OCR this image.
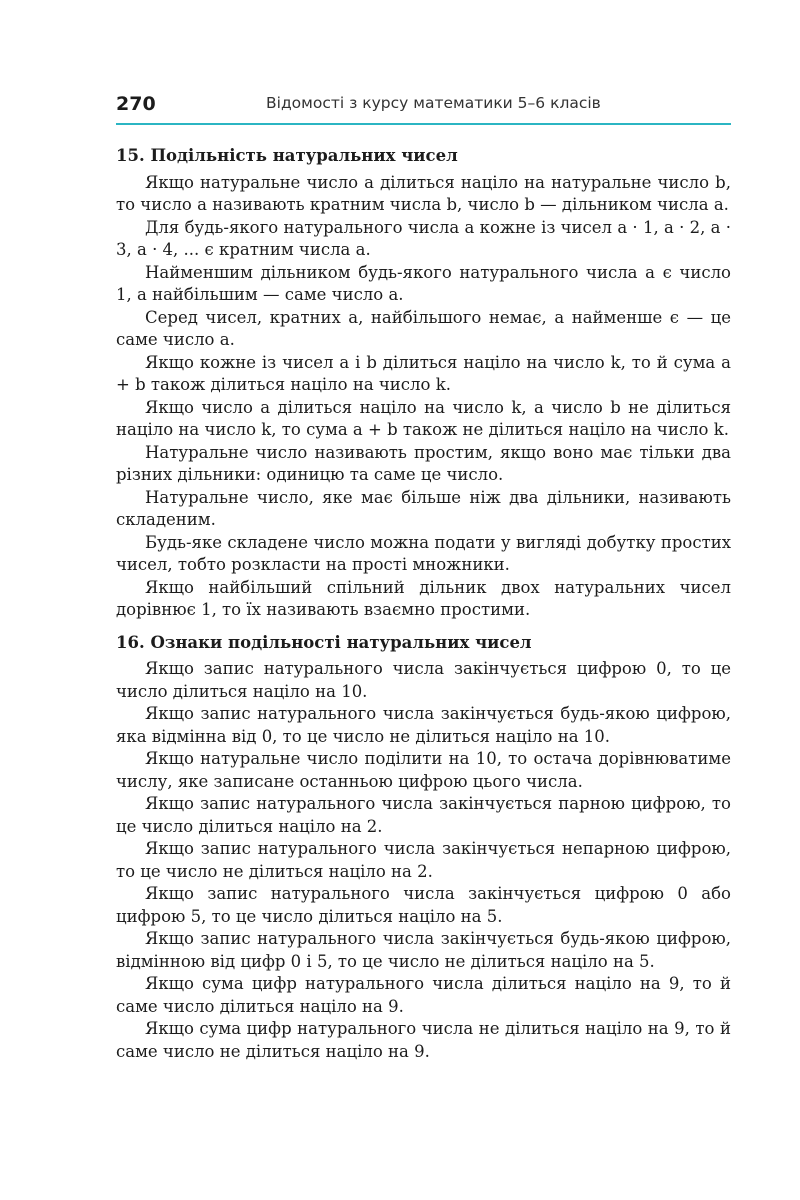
270	Відомості з курсу математики 5–6 класів

15. Подільність натуральних чисел

Якщо натуральне число a ділиться націло на натуральне число b, то число a називають кратним числа b, число b — дільником числа a.

Для будь-якого натурального числа a кожне із чисел a · 1, a · 2, a · 3, a · 4, ... є кратним числа a.

Найменшим дільником будь-якого натурального числа a є число 1, а найбільшим — саме число a.

Серед чисел, кратних a, найбільшого немає, а найменше є — це саме число a.

Якщо кожне із чисел a і b ділиться націло на число k, то й сума a + b також ділиться націло на число k.

Якщо число a ділиться націло на число k, а число b не ділиться націло на число k, то сума a + b також не ділиться націло на число k.

Натуральне число називають простим, якщо воно має тільки два різних дільники: одиницю та саме це число.

Натуральне число, яке має більше ніж два дільники, називають складеним.

Будь-яке складене число можна подати у вигляді добутку простих чисел, тобто розкласти на прості множники.

Якщо найбільший спільний дільник двох натуральних чисел дорівнює 1, то їх називають взаємно простими.

16. Ознаки подільності натуральних чисел

Якщо запис натурального числа закінчується цифрою 0, то це число ділиться націло на 10.

Якщо запис натурального числа закінчується будь-якою цифрою, яка відмінна від 0, то це число не ділиться націло на 10.

Якщо натуральне число поділити на 10, то остача дорівнюватиме числу, яке записане останньою цифрою цього числа.

Якщо запис натурального числа закінчується парною цифрою, то це число ділиться націло на 2.

Якщо запис натурального числа закінчується непарною цифрою, то це число не ділиться націло на 2.

Якщо запис натурального числа закінчується цифрою 0 або цифрою 5, то це число ділиться націло на 5.

Якщо запис натурального числа закінчується будь-якою цифрою, відмінною від цифр 0 і 5, то це число не ділиться націло на 5.

Якщо сума цифр натурального числа ділиться націло на 9, то й саме число ділиться націло на 9.

Якщо сума цифр натурального числа не ділиться націло на 9, то й саме число не ділиться націло на 9.
